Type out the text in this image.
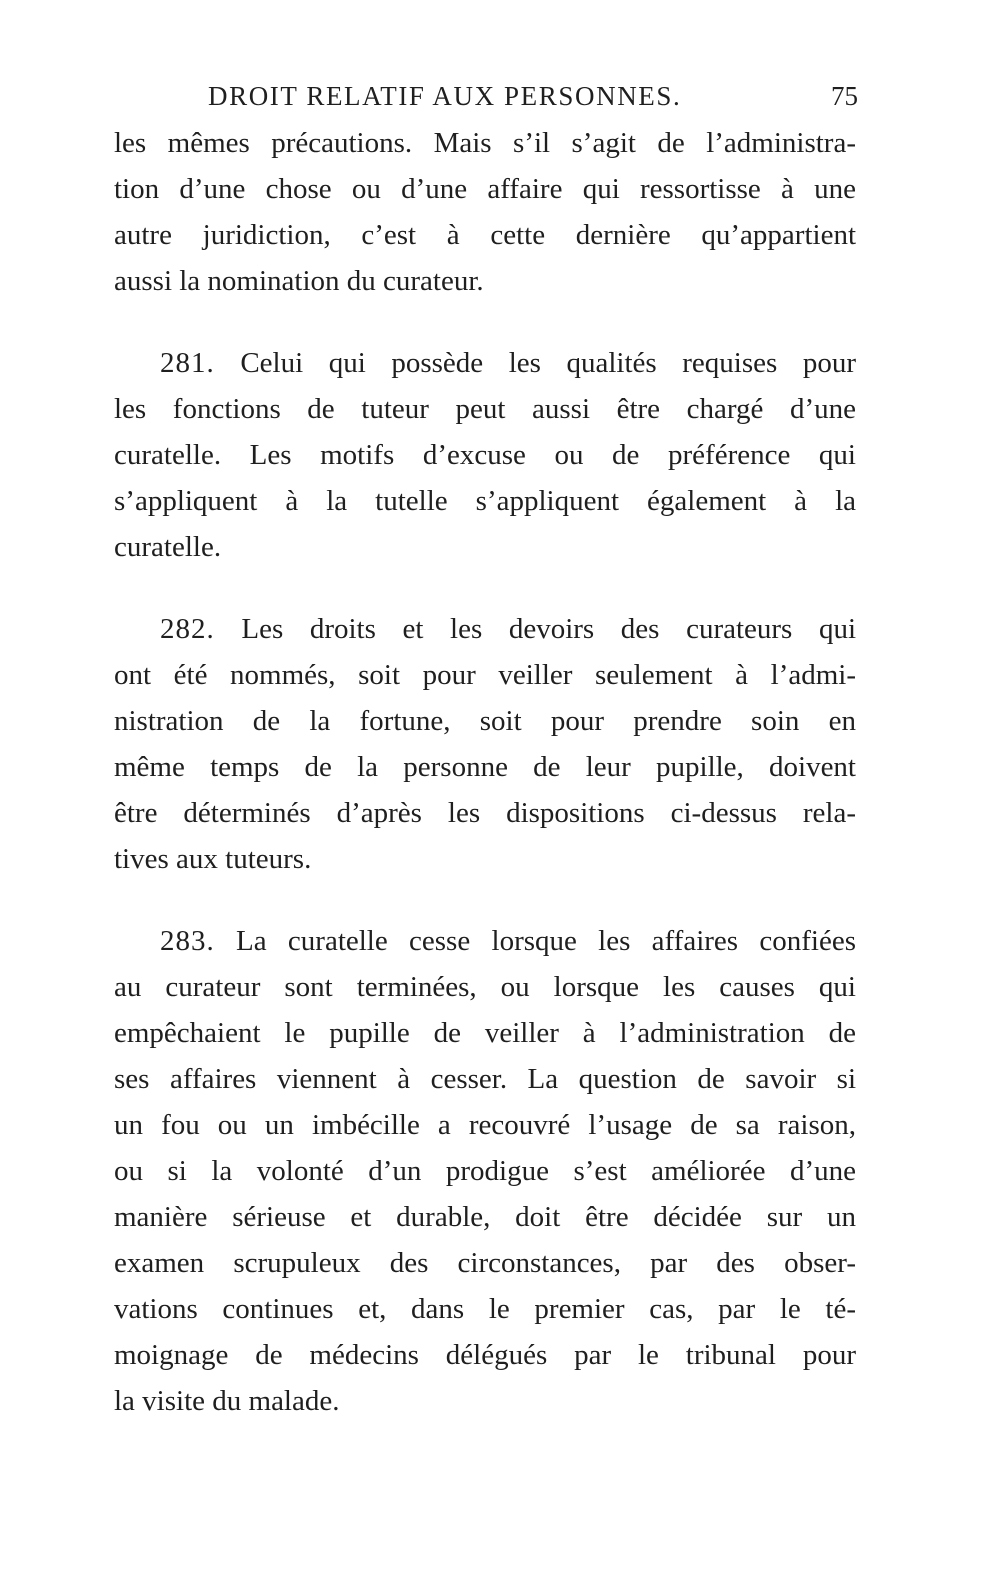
DROIT RELATIF AUX PERSONNES.	75
les mêmes précautions. Mais s’il s’agit de l’administra-
tion d’une chose ou d’une affaire qui ressortisse à une
autre juridiction, c’est à cette dernière qu’appartient
aussi la nomination du curateur.
281. Celui qui possède les qualités requises pour
les fonctions de tuteur peut aussi être chargé d’une
curatelle. Les motifs d’excuse ou de préférence qui
s’appliquent à la tutelle s’appliquent également à la
curatelle.
282. Les droits et les devoirs des curateurs qui
ont été nommés, soit pour veiller seulement à l’admi-
nistration de la fortune, soit pour prendre soin en
même temps de la personne de leur pupille, doivent
être déterminés d’après les dispositions ci-dessus rela-
tives aux tuteurs.
283. La curatelle cesse lorsque les affaires confiées
au curateur sont terminées, ou lorsque les causes qui
empêchaient le pupille de veiller à l’administration de
ses affaires viennent à cesser. La question de savoir si
un fou ou un imbécille a recouvré l’usage de sa raison,
ou si la volonté d’un prodigue s’est améliorée d’une
manière sérieuse et durable, doit être décidée sur un
examen scrupuleux des circonstances, par des obser-
vations continues et, dans le premier cas, par le té-
moignage de médecins délégués par le tribunal pour
la visite du malade.
